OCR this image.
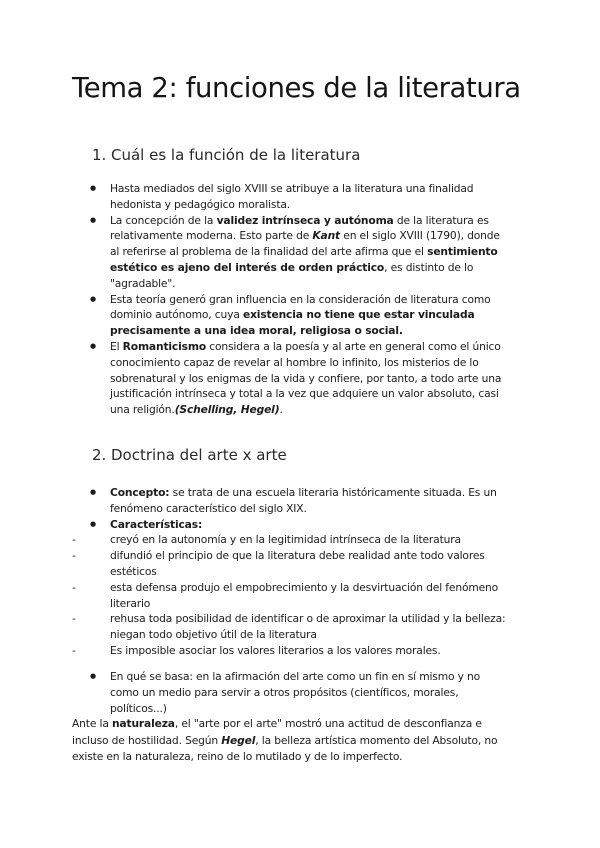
Tema 2: funciones de la literatura
1. Cuál es la función de la literatura
● Hasta mediados del siglo XVIII se atribuye a la literatura una finalidad hedonista y pedagógico moralista.
● La concepción de la validez intrínseca y autónoma de la literatura es relativamente moderna. Esto parte de Kant en el siglo XVIII (1790), donde al referirse al problema de la finalidad del arte afirma que el sentimiento estético es ajeno del interés de orden práctico, es distinto de lo "agradable".
● Esta teoría generó gran influencia en la consideración de literatura como dominio autónomo, cuya existencia no tiene que estar vinculada precisamente a una idea moral, religiosa o social.
● El Romanticismo considera a la poesía y al arte en general como el único conocimiento capaz de revelar al hombre lo infinito, los misterios de lo sobrenatural y los enigmas de la vida y confiere, por tanto, a todo arte una justificación intrínseca y total a la vez que adquiere un valor absoluto, casi una religión.(Schelling, Hegel).
2. Doctrina del arte x arte
● Concepto: se trata de una escuela literaria históricamente situada. Es un fenómeno característico del siglo XIX.
● Características:
- creyó en la autonomía y en la legitimidad intrínseca de la literatura
- difundió el principio de que la literatura debe realidad ante todo valores estéticos
- esta defensa produjo el empobrecimiento y la desvirtuación del fenómeno literario
- rehusa toda posibilidad de identificar o de aproximar la utilidad y la belleza: niegan todo objetivo útil de la literatura
- Es imposible asociar los valores literarios a los valores morales.
● En qué se basa: en la afirmación del arte como un fin en sí mismo y no como un medio para servir a otros propósitos (científicos, morales, políticos...)

Ante la naturaleza, el "arte por el arte" mostró una actitud de desconfianza e incluso de hostilidad. Según Hegel, la belleza artística momento del Absoluto, no existe en la naturaleza, reino de lo mutilado y de lo imperfecto.
